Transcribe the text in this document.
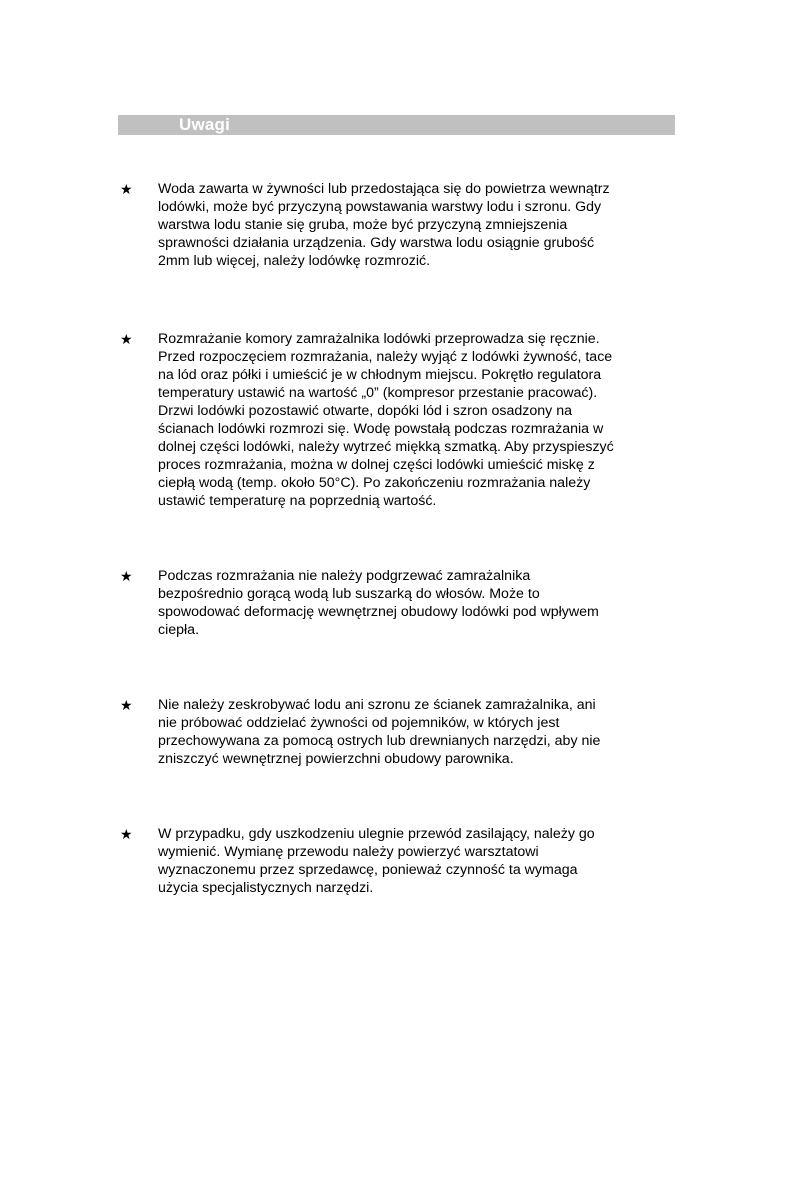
Uwagi
★ Woda zawarta w żywności lub przedostająca się do powietrza wewnątrz
lodówki, może być przyczyną powstawania warstwy lodu i szronu. Gdy
warstwa lodu stanie się gruba, może być przyczyną zmniejszenia
sprawności działania urządzenia. Gdy warstwa lodu osiągnie grubość
2mm lub więcej, należy lodówkę rozmrozić.
★ Rozmrażanie komory zamrażalnika lodówki przeprowadza się ręcznie.
Przed rozpoczęciem rozmrażania, należy wyjąć z lodówki żywność, tace
na lód oraz półki i umieścić je w chłodnym miejscu. Pokrętło regulatora
temperatury ustawić na wartość „0” (kompresor przestanie pracować).
Drzwi lodówki pozostawić otwarte, dopóki lód i szron osadzony na
ścianach lodówki rozmrozi się. Wodę powstałą podczas rozmrażania w
dolnej części lodówki, należy wytrzeć miękką szmatką. Aby przyspieszyć
proces rozmrażania, można w dolnej części lodówki umieścić miskę z
ciepłą wodą (temp. około 50°C). Po zakończeniu rozmrażania należy
ustawić temperaturę na poprzednią wartość.
★ Podczas rozmrażania nie należy podgrzewać zamrażalnika
bezpośrednio gorącą wodą lub suszarką do włosów. Może to
spowodować deformację wewnętrznej obudowy lodówki pod wpływem
ciepła.
★ Nie należy zeskrobywać lodu ani szronu ze ścianek zamrażalnika, ani
nie próbować oddzielać żywności od pojemników, w których jest
przechowywana za pomocą ostrych lub drewnianych narzędzi, aby nie
zniszczyć wewnętrznej powierzchni obudowy parownika.
★ W przypadku, gdy uszkodzeniu ulegnie przewód zasilający, należy go
wymienić. Wymianę przewodu należy powierzyć warsztatowi
wyznaczonemu przez sprzedawcę, ponieważ czynność ta wymaga
użycia specjalistycznych narzędzi.
